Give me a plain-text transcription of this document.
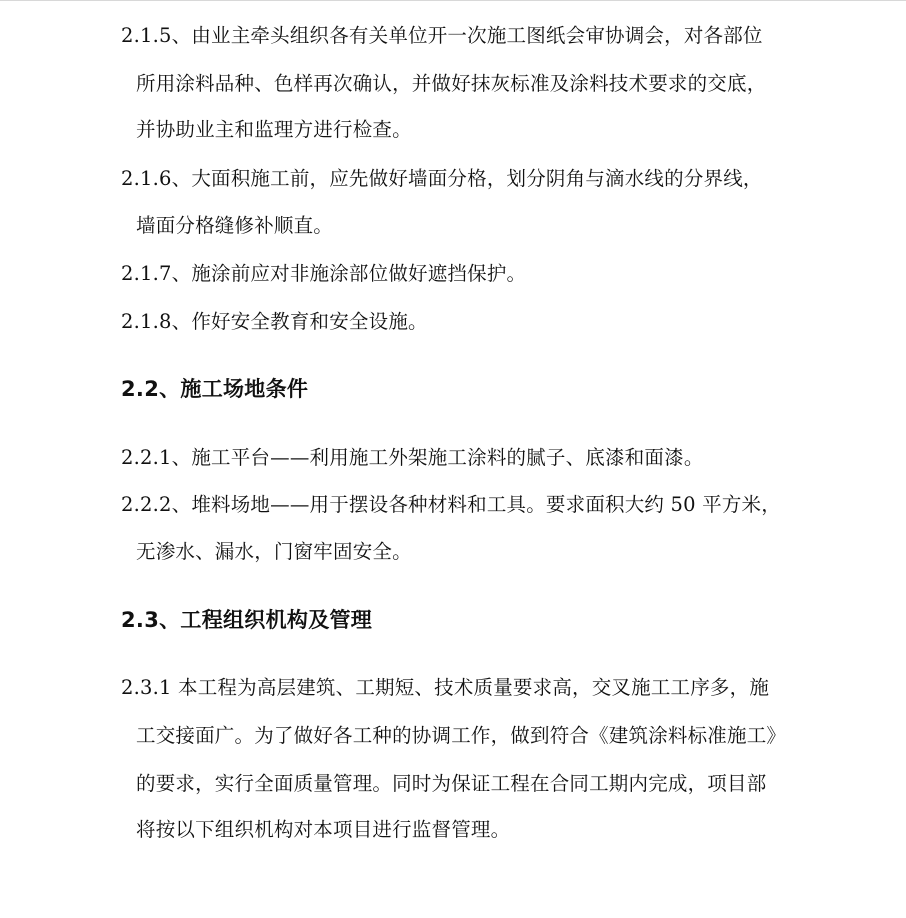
2.1.5、由业主牵头组织各有关单位开一次施工图纸会审协调会，对各部位
所用涂料品种、色样再次确认，并做好抹灰标准及涂料技术要求的交底，
并协助业主和监理方进行检查。
2.1.6、大面积施工前，应先做好墙面分格，划分阴角与滴水线的分界线，
墙面分格缝修补顺直。
2.1.7、施涂前应对非施涂部位做好遮挡保护。
2.1.8、作好安全教育和安全设施。
2.2、施工场地条件
2.2.1、施工平台——利用施工外架施工涂料的腻子、底漆和面漆。
2.2.2、堆料场地——用于摆设各种材料和工具。要求面积大约 50 平方米，
无渗水、漏水，门窗牢固安全。
2.3、工程组织机构及管理
2.3.1 本工程为高层建筑、工期短、技术质量要求高，交叉施工工序多，施
工交接面广。为了做好各工种的协调工作，做到符合《建筑涂料标准施工》
的要求，实行全面质量管理。同时为保证工程在合同工期内完成，项目部
将按以下组织机构对本项目进行监督管理。
